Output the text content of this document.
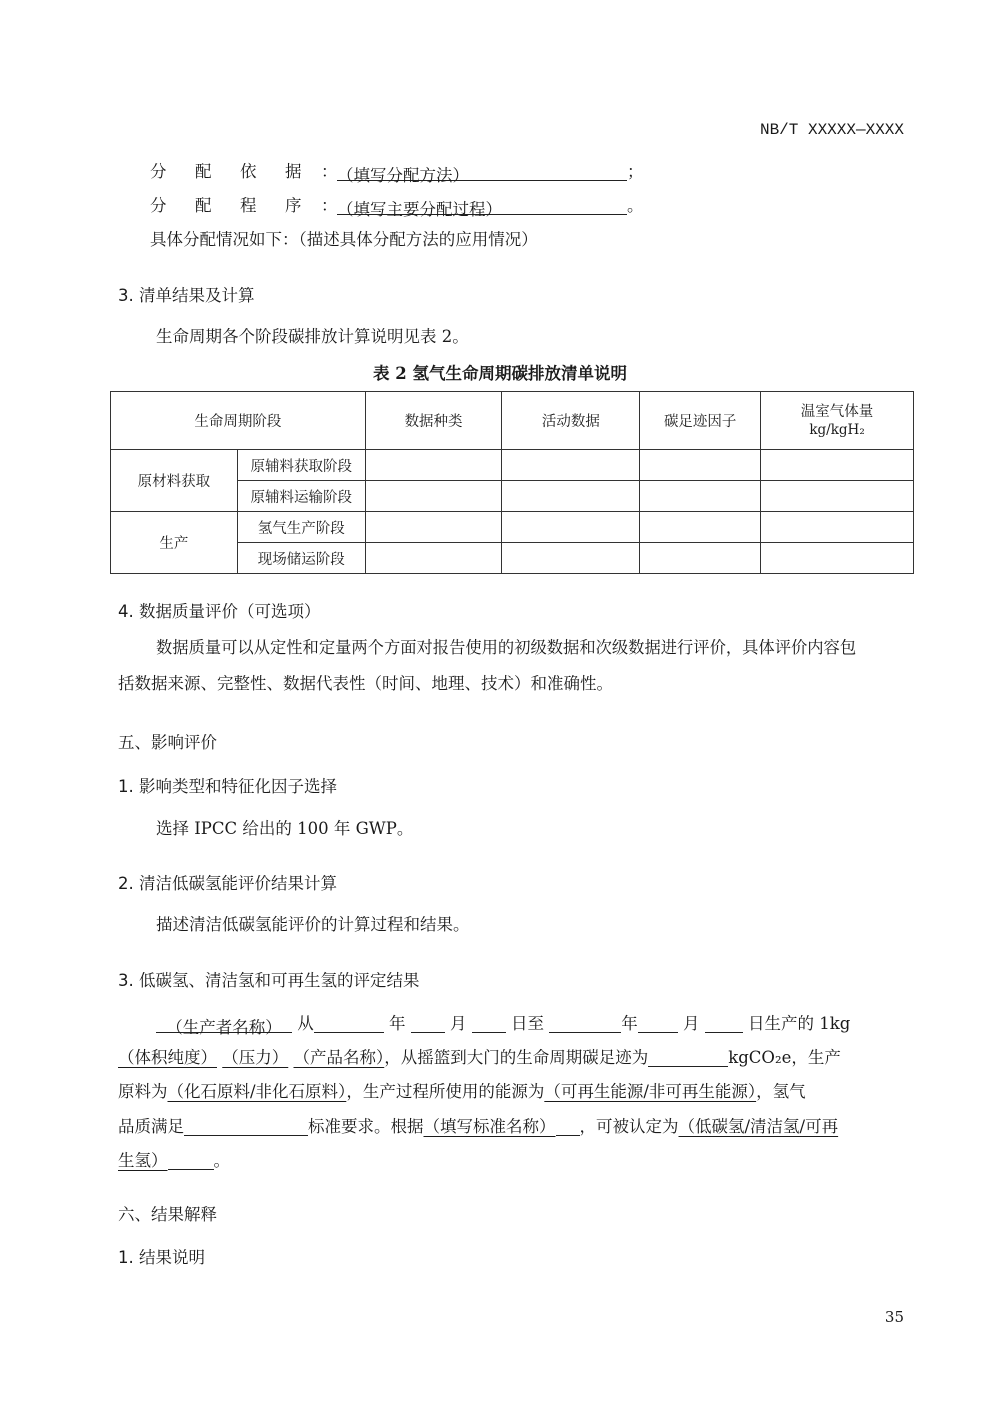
NB/T XXXXX—XXXX
分 配 依 据 ：（填写分配方法）	；
分 配 程 序 ：（填写主要分配过程）	。
具体分配情况如下：（描述具体分配方法的应用情况）
3. 清单结果及计算
生命周期各个阶段碳排放计算说明见表 2。
表 2 氢气生命周期碳排放清单说明
生命周期阶段		数据种类	活动数据	碳足迹因子	温室气体量
kg/kgH₂

原材料获取	原辅料获取阶段				
	原辅料运输阶段				
生产	氢气生产阶段				
	现场储运阶段				
4. 数据质量评价（可选项）
数据质量可以从定性和定量两个方面对报告使用的初级数据和次级数据进行评价，具体评价内容包
括数据来源、完整性、数据代表性（时间、地理、技术）和准确性。
五、影响评价
1. 影响类型和特征化因子选择
选择 IPCC 给出的 100 年 GWP。
2. 清洁低碳氢能评价结果计算
描述清洁低碳氢能评价的计算过程和结果。
3. 低碳氢、清洁氢和可再生氢的评定结果
（生产者名称） 从	年	月	日至	年	月	日生产的 1kg
（体积纯度） （压力） （产品名称），从摇篮到大门的生命周期碳足迹为	kgCO₂e，生产
原料为（化石原料/非化石原料），生产过程所使用的能源为（可再生能源/非可再生能源），氢气
品质满足	标准要求。根据（填写标准名称） ，可被认定为（低碳氢/清洁氢/可再
生氢）	。
六、结果解释
1. 结果说明
35
